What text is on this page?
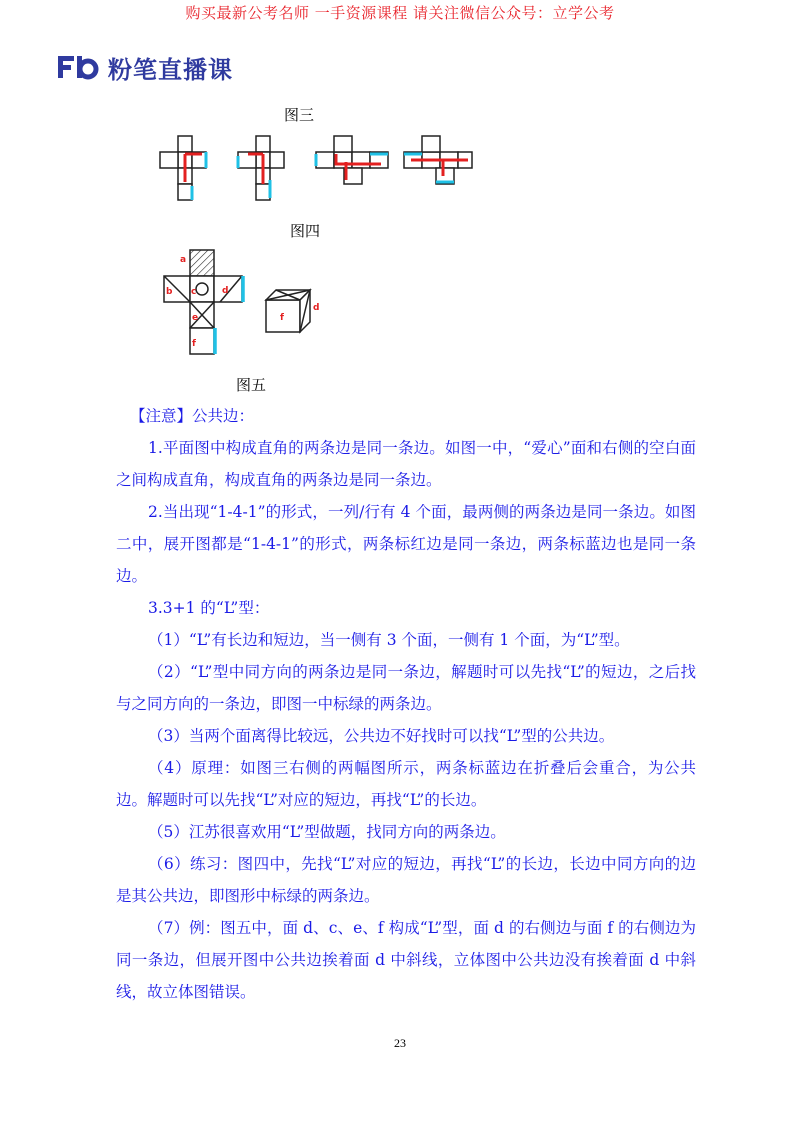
购买最新公考名师 一手资源课程 请关注微信公众号：立学公考
粉笔直播课
图三
图四
a
b c	d
e
f
f
d
图五

【注意】公共边：

1.平面图中构成直角的两条边是同一条边。如图一中，“爱心”面和右侧的空白面之间构成直角，构成直角的两条边是同一条边。

2.当出现“1-4-1”的形式，一列/行有 4 个面，最两侧的两条边是同一条边。如图二中，展开图都是“1-4-1”的形式，两条标红边是同一条边，两条标蓝边也是同一条边。

3.3+1 的“L”型：

（1）“L”有长边和短边，当一侧有 3 个面，一侧有 1 个面，为“L”型。

（2）“L”型中同方向的两条边是同一条边，解题时可以先找“L”的短边，之后找与之同方向的一条边，即图一中标绿的两条边。

（3）当两个面离得比较远，公共边不好找时可以找“L”型的公共边。

（4）原理：如图三右侧的两幅图所示，两条标蓝边在折叠后会重合，为公共边。解题时可以先找“L”对应的短边，再找“L”的长边。

（5）江苏很喜欢用“L”型做题，找同方向的两条边。

（6）练习：图四中，先找“L”对应的短边，再找“L”的长边，长边中同方向的边是其公共边，即图形中标绿的两条边。

（7）例：图五中，面 d、c、e、f 构成“L”型，面 d 的右侧边与面 f 的右侧边为同一条边，但展开图中公共边挨着面 d 中斜线，立体图中公共边没有挨着面 d 中斜线，故立体图错误。

23
